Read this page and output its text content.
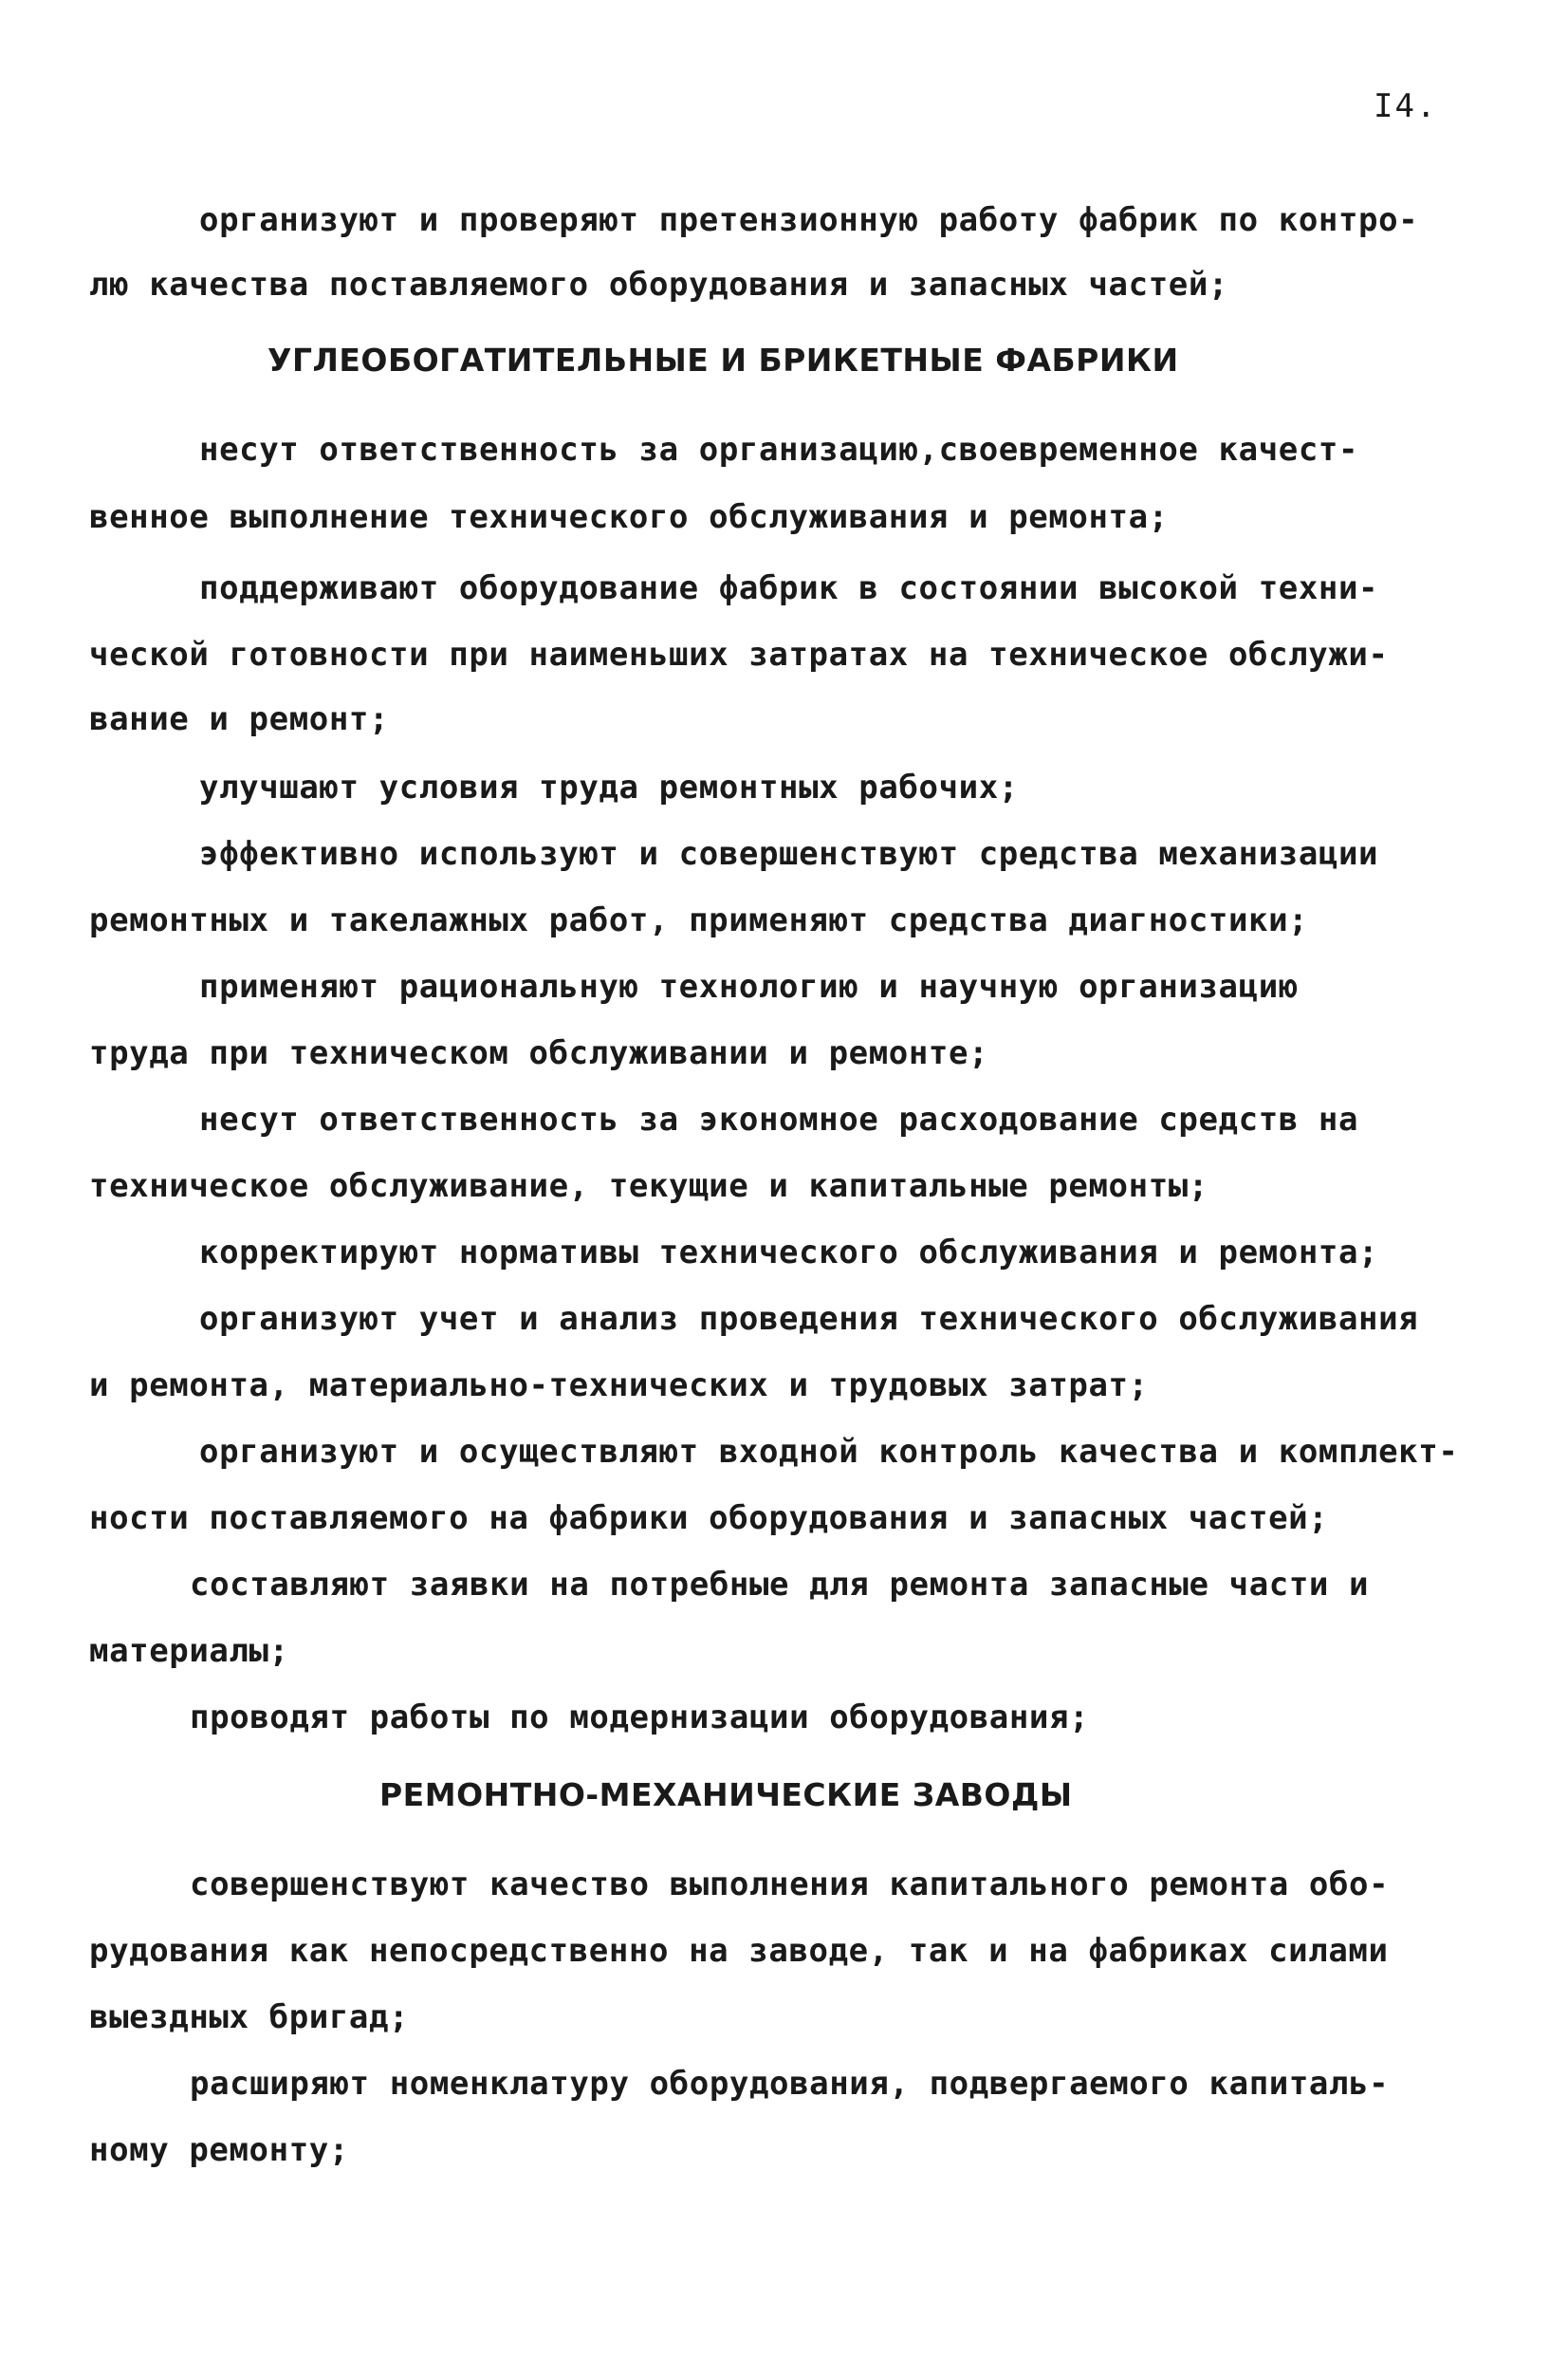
I4.
организуют и проверяют претензионную работу фабрик по контро-
лю качества поставляемого оборудования и запасных частей;
УГЛЕОБОГАТИТЕЛЬНЫЕ И БРИКЕТНЫЕ ФАБРИКИ
несут ответственность за организацию,своевременное качест-
венное выполнение технического обслуживания и ремонта;
поддерживают оборудование фабрик в состоянии высокой техни-
ческой готовности при наименьших затратах на техническое обслужи-
вание и ремонт;
улучшают условия труда ремонтных рабочих;
эффективно используют и совершенствуют средства механизации
ремонтных и такелажных работ, применяют средства диагностики;
применяют рациональную технологию и научную организацию
труда при техническом обслуживании и ремонте;
несут ответственность за экономное расходование средств на
техническое обслуживание, текущие и капитальные ремонты;
корректируют нормативы технического обслуживания и ремонта;
организуют учет и анализ проведения технического обслуживания
и ремонта, материально-технических и трудовых затрат;
организуют и осуществляют входной контроль качества и комплект-
ности поставляемого на фабрики оборудования и запасных частей;
составляют заявки на потребные для ремонта запасные части и
материалы;
проводят работы по модернизации оборудования;
РЕМОНТНО-МЕХАНИЧЕСКИЕ ЗАВОДЫ
совершенствуют качество выполнения капитального ремонта обо-
рудования как непосредственно на заводе, так и на фабриках силами
выездных бригад;
расширяют номенклатуру оборудования, подвергаемого капиталь-
ному ремонту;
